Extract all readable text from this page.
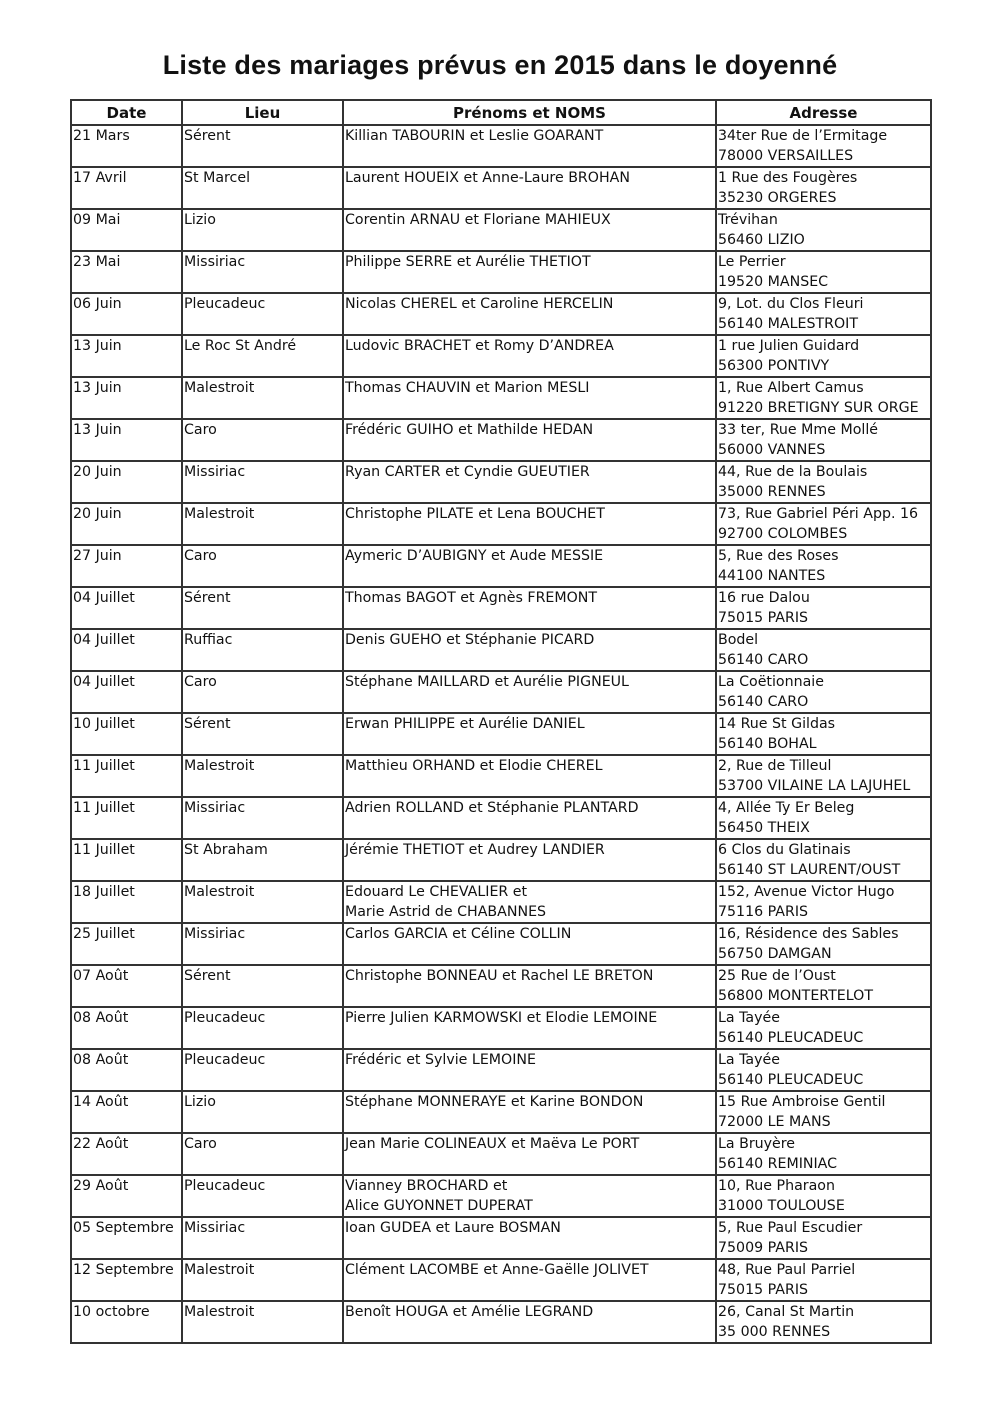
Liste des mariages prévus en 2015 dans le doyenné
Date	Lieu	Prénoms et NOMS	Adresse
21 Mars	Sérent	Killian TABOURIN et Leslie GOARANT	34ter Rue de l’Ermitage
78000 VERSAILLES

17 Avril	St Marcel	Laurent HOUEIX et Anne-Laure BROHAN	1 Rue des Fougères
35230 ORGERES

09 Mai	Lizio	Corentin ARNAU et Floriane MAHIEUX	Trévihan
56460 LIZIO

23 Mai	Missiriac	Philippe SERRE et Aurélie THETIOT	Le Perrier
19520 MANSEC

06 Juin	Pleucadeuc	Nicolas CHEREL et Caroline HERCELIN	9, Lot. du Clos Fleuri
56140 MALESTROIT

13 Juin	Le Roc St André	Ludovic BRACHET et Romy D’ANDREA	1 rue Julien Guidard
56300 PONTIVY

13 Juin	Malestroit	Thomas CHAUVIN et Marion MESLI	1, Rue Albert Camus
91220 BRETIGNY SUR ORGE

13 Juin	Caro	Frédéric GUIHO et Mathilde HEDAN	33 ter, Rue Mme Mollé
56000 VANNES

20 Juin	Missiriac	Ryan CARTER et Cyndie GUEUTIER	44, Rue de la Boulais
35000 RENNES

20 Juin	Malestroit	Christophe PILATE et Lena BOUCHET	73, Rue Gabriel Péri App. 16
92700 COLOMBES

27 Juin	Caro	Aymeric D’AUBIGNY et Aude MESSIE	5, Rue des Roses
44100 NANTES

04 Juillet	Sérent	Thomas BAGOT et Agnès FREMONT	16 rue Dalou
75015 PARIS

04 Juillet	Ruffiac	Denis GUEHO et Stéphanie PICARD	Bodel
56140 CARO

04 Juillet	Caro	Stéphane MAILLARD et Aurélie PIGNEUL	La Coëtionnaie
56140 CARO

10 Juillet	Sérent	Erwan PHILIPPE et Aurélie DANIEL	14 Rue St Gildas
56140 BOHAL

11 Juillet	Malestroit	Matthieu ORHAND et Elodie CHEREL	2, Rue de Tilleul
53700 VILAINE LA LAJUHEL

11 Juillet	Missiriac	Adrien ROLLAND et Stéphanie PLANTARD	4, Allée Ty Er Beleg
56450 THEIX

11 Juillet	St Abraham	Jérémie THETIOT et Audrey LANDIER	6 Clos du Glatinais
56140 ST LAURENT/OUST

18 Juillet	Malestroit	Edouard Le CHEVALIER et
Marie Astrid de CHABANNES	152, Avenue Victor Hugo
75116 PARIS

25 Juillet	Missiriac	Carlos GARCIA et Céline COLLIN	16, Résidence des Sables
56750 DAMGAN

07 Août	Sérent	Christophe BONNEAU et Rachel LE BRETON	25 Rue de l’Oust
56800 MONTERTELOT

08 Août	Pleucadeuc	Pierre Julien KARMOWSKI et Elodie LEMOINE	La Tayée
56140 PLEUCADEUC

08 Août	Pleucadeuc	Frédéric et Sylvie LEMOINE	La Tayée
56140 PLEUCADEUC

14 Août	Lizio	Stéphane MONNERAYE et Karine BONDON	15 Rue Ambroise Gentil
72000 LE MANS

22 Août	Caro	Jean Marie COLINEAUX et Maëva Le PORT	La Bruyère
56140 REMINIAC

29 Août	Pleucadeuc	Vianney BROCHARD et
Alice GUYONNET DUPERAT	10, Rue Pharaon
31000 TOULOUSE

05 Septembre	Missiriac	Ioan GUDEA et Laure BOSMAN	5, Rue Paul Escudier
75009 PARIS

12 Septembre	Malestroit	Clément LACOMBE et Anne-Gaëlle JOLIVET	48, Rue Paul Parriel
75015 PARIS

10 octobre	Malestroit	Benoît HOUGA et Amélie LEGRAND	26, Canal St Martin
35 000 RENNES
